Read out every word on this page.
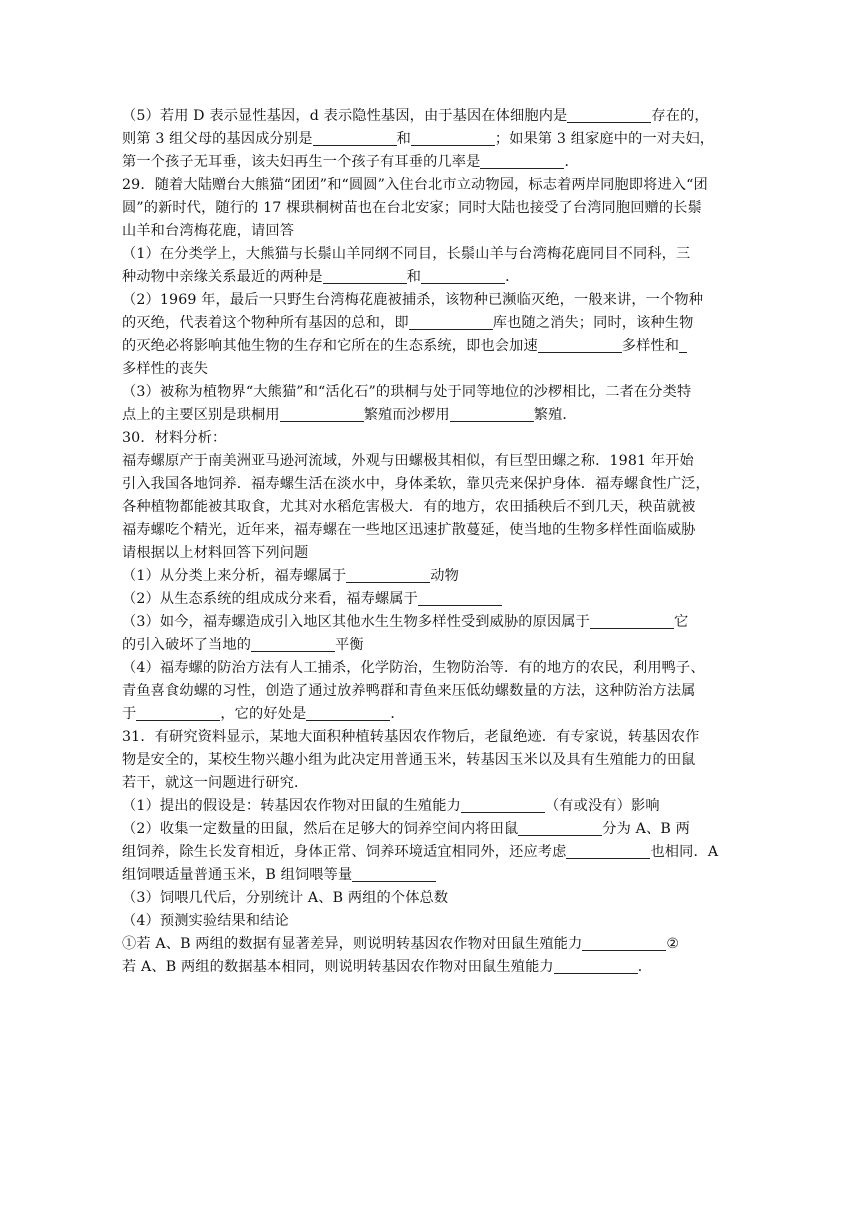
（5）若用 D 表示显性基因，d 表示隐性基因，由于基因在体细胞内是	存在的，
则第 3 组父母的基因成分别是	和	；如果第 3 组家庭中的一对夫妇，
第一个孩子无耳垂，该夫妇再生一个孩子有耳垂的几率是	．
29．随着大陆赠台大熊猫“团团”和“圆圆”入住台北市立动物园，标志着两岸同胞即将进入“团
圆”的新时代，随行的 17 棵珙桐树苗也在台北安家；同时大陆也接受了台湾同胞回赠的长鬃
山羊和台湾梅花鹿，请回答
（1）在分类学上，大熊猫与长鬃山羊同纲不同目，长鬃山羊与台湾梅花鹿同目不同科，三
种动物中亲缘关系最近的两种是	和	．
（2）1969 年，最后一只野生台湾梅花鹿被捕杀，该物种已濒临灭绝，一般来讲，一个物种
的灭绝，代表着这个物种所有基因的总和，即	库也随之消失；同时，该种生物
的灭绝必将影响其他生物的生存和它所在的生态系统，即也会加速	多样性和
多样性的丧失
（3）被称为植物界“大熊猫”和“活化石”的珙桐与处于同等地位的沙椤相比，二者在分类特
点上的主要区别是珙桐用	繁殖而沙椤用	繁殖．
30．材料分析：
福寿螺原产于南美洲亚马逊河流域，外观与田螺极其相似，有巨型田螺之称．1981 年开始
引入我国各地饲养．福寿螺生活在淡水中，身体柔软，靠贝壳来保护身体．福寿螺食性广泛，
各种植物都能被其取食，尤其对水稻危害极大．有的地方，农田插秧后不到几天，秧苗就被
福寿螺吃个精光，近年来，福寿螺在一些地区迅速扩散蔓延，使当地的生物多样性面临威胁
请根据以上材料回答下列问题
（1）从分类上来分析，福寿螺属于	动物
（2）从生态系统的组成成分来看，福寿螺属于
（3）如今，福寿螺造成引入地区其他水生生物多样性受到威胁的原因属于	它
的引入破坏了当地的	平衡
（4）福寿螺的防治方法有人工捕杀，化学防治，生物防治等．有的地方的农民，利用鸭子、
青鱼喜食幼螺的习性，创造了通过放养鸭群和青鱼来压低幼螺数量的方法，这种防治方法属
于	，它的好处是	．
31．有研究资料显示，某地大面积种植转基因农作物后，老鼠绝迹．有专家说，转基因农作
物是安全的，某校生物兴趣小组为此决定用普通玉米，转基因玉米以及具有生殖能力的田鼠
若干，就这一问题进行研究．
（1）提出的假设是：转基因农作物对田鼠的生殖能力	（有或没有）影响
（2）收集一定数量的田鼠，然后在足够大的饲养空间内将田鼠	分为 A、B 两
组饲养，除生长发育相近，身体正常、饲养环境适宜相同外，还应考虑	也相同．A
组饲喂适量普通玉米，B 组饲喂等量
（3）饲喂几代后，分别统计 A、B 两组的个体总数
（4）预测实验结果和结论
①若 A、B 两组的数据有显著差异，则说明转基因农作物对田鼠生殖能力	②
若 A、B 两组的数据基本相同，则说明转基因农作物对田鼠生殖能力	．
